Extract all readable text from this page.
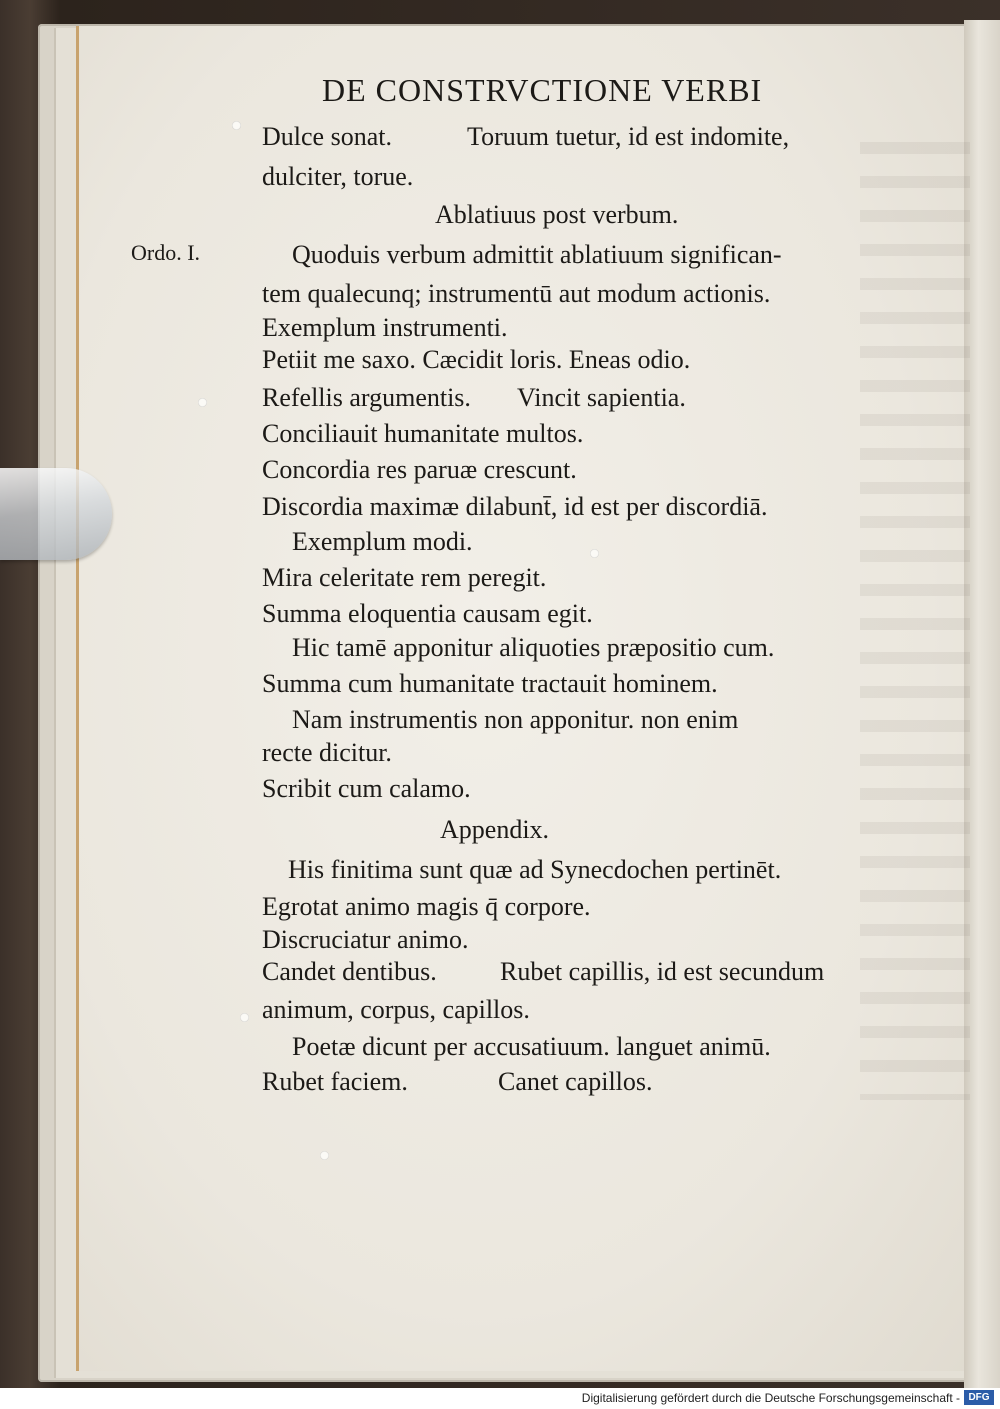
DE CONSTRVCTIONE VERBI
Ordo. I.

Dulce sonat.	Toruum tuetur, id est indomite,

dulciter, torue.

Ablatiuus post verbum.

Quoduis verbum admittit ablatiuum significan-

tem qualecunq; instrumentū aut modum actionis.

Exemplum instrumenti.

Petiit me saxo. Cæcidit loris. Eneas odio.

Refellis argumentis. Vincit sapientia.

Conciliauit humanitate multos.

Concordia res paruæ crescunt.

Discordia maximæ dilabunt̄, id est per discordiā.

Exemplum modi.

Mira celeritate rem peregit.

Summa eloquentia causam egit.

Hic tamē apponitur aliquoties præpositio cum.

Summa cum humanitate tractauit hominem.

Nam instrumentis non apponitur. non enim

recte dicitur.

Scribit cum calamo.

Appendix.

His finitima sunt quæ ad Synecdochen pertinēt.

Egrotat animo magis q̄ corpore.

Discruciatur animo.

Candet dentibus. Rubet capillis, id est secundum

animum, corpus, capillos.

Poetæ dicunt per accusatiuum. languet animū.

Rubet faciem.	Canet capillos.

Digitalisierung gefördert durch die Deutsche Forschungsgemeinschaft - DFG
